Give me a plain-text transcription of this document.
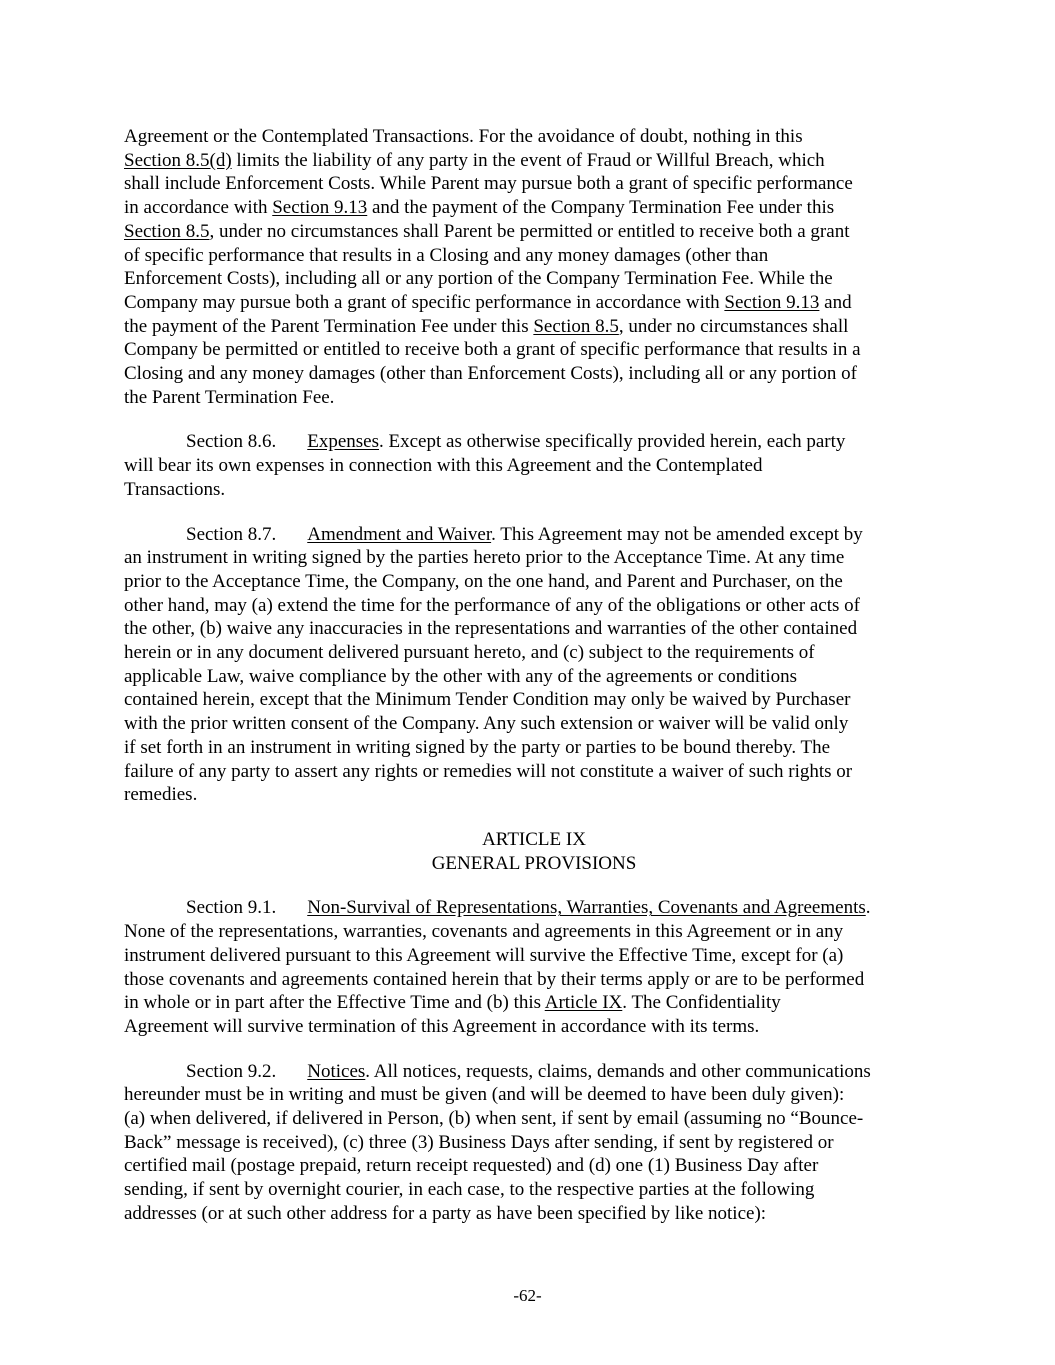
Agreement or the Contemplated Transactions. For the avoidance of doubt, nothing in this
Section 8.5(d) limits the liability of any party in the event of Fraud or Willful Breach, which
shall include Enforcement Costs. While Parent may pursue both a grant of specific performance
in accordance with Section 9.13 and the payment of the Company Termination Fee under this
Section 8.5, under no circumstances shall Parent be permitted or entitled to receive both a grant
of specific performance that results in a Closing and any money damages (other than
Enforcement Costs), including all or any portion of the Company Termination Fee. While the
Company may pursue both a grant of specific performance in accordance with Section 9.13 and
the payment of the Parent Termination Fee under this Section 8.5, under no circumstances shall
Company be permitted or entitled to receive both a grant of specific performance that results in a
Closing and any money damages (other than Enforcement Costs), including all or any portion of
the Parent Termination Fee.

Section 8.6. Expenses. Except as otherwise specifically provided herein, each party
will bear its own expenses in connection with this Agreement and the Contemplated
Transactions.

Section 8.7. Amendment and Waiver. This Agreement may not be amended except by
an instrument in writing signed by the parties hereto prior to the Acceptance Time. At any time
prior to the Acceptance Time, the Company, on the one hand, and Parent and Purchaser, on the
other hand, may (a) extend the time for the performance of any of the obligations or other acts of
the other, (b) waive any inaccuracies in the representations and warranties of the other contained
herein or in any document delivered pursuant hereto, and (c) subject to the requirements of
applicable Law, waive compliance by the other with any of the agreements or conditions
contained herein, except that the Minimum Tender Condition may only be waived by Purchaser
with the prior written consent of the Company. Any such extension or waiver will be valid only
if set forth in an instrument in writing signed by the party or parties to be bound thereby. The
failure of any party to assert any rights or remedies will not constitute a waiver of such rights or
remedies.

ARTICLE IX

GENERAL PROVISIONS

Section 9.1. Non-Survival of Representations, Warranties, Covenants and Agreements.
None of the representations, warranties, covenants and agreements in this Agreement or in any
instrument delivered pursuant to this Agreement will survive the Effective Time, except for (a)
those covenants and agreements contained herein that by their terms apply or are to be performed
in whole or in part after the Effective Time and (b) this Article IX. The Confidentiality
Agreement will survive termination of this Agreement in accordance with its terms.

Section 9.2. Notices. All notices, requests, claims, demands and other communications
hereunder must be in writing and must be given (and will be deemed to have been duly given):
(a) when delivered, if delivered in Person, (b) when sent, if sent by email (assuming no “Bounce-
Back” message is received), (c) three (3) Business Days after sending, if sent by registered or
certified mail (postage prepaid, return receipt requested) and (d) one (1) Business Day after
sending, if sent by overnight courier, in each case, to the respective parties at the following
addresses (or at such other address for a party as have been specified by like notice):

-62-
